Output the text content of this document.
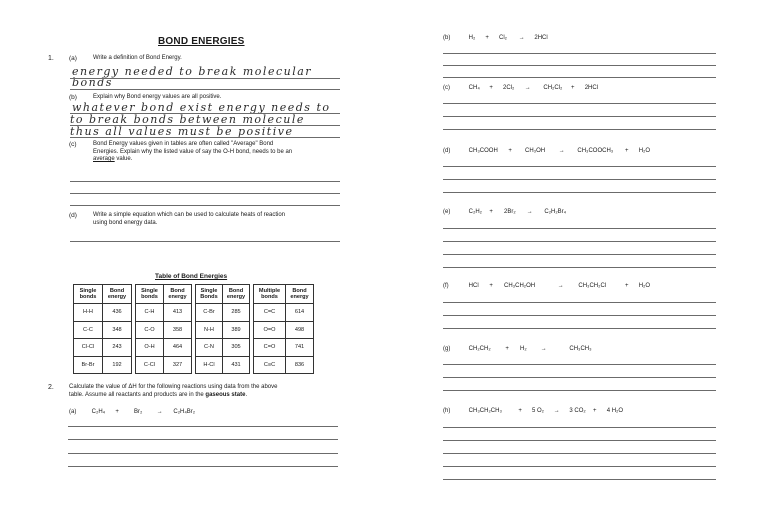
BOND ENERGIES
1. (a)	Write a definition of Bond Energy.
energy needed to break molecular
bonds
(b)	Explain why Bond energy values are all positive.
whatever bond exist energy needs to
to break bonds between molecule
thus all values must be positive
(c)	Bond Energy values given in tables are often called "Average" Bond
Energies. Explain why the listed value of say the O-H bond, needs to be an
average value.
(d)	Write a simple equation which can be used to calculate heats of reaction
using bond energy data.
Table of Bond Energies
Single bonds	Bond energy		Single bonds	Bond energy		Single Bonds	Bond energy		Multiple bonds	Bond energy
H-H	436		C-H	413		C-Br	285		C=C	614
C-C	348		C-O	358		N-H	389		O=O	498
Cl-Cl	243		O-H	464		C-N	305		C=O	741
Br-Br	192		C-Cl	327		H-Cl	431		C≡C	836
2.	Calculate the value of ΔH for the following reactions using data from the above
table. Assume all reactants and products are in the gaseous state.
(a)	C₂H₄ +	Br₂ → C₂H₄Br₂
(b)	H₂ + Cl₂ → 2HCl
(c)	CH₄ + 2Cl₂ → CH₂Cl₂ + 2HCl
(d)	CH₃COOH + CH₃OH → CH₃COOCH₃ + H₂O
(e)	C₂H₂ + 2Br₂ → C₂H₂Br₄
(f)	HCl + CH₃CH₂OH	→ CH₃CH₂Cl	+ H₂O
(g)	CH₂CH₂ + H₂ →	CH₃CH₃
(h)	CH₃CH₂CH₃	+ 5 O₂ → 3 CO₂ + 4 H₂O
